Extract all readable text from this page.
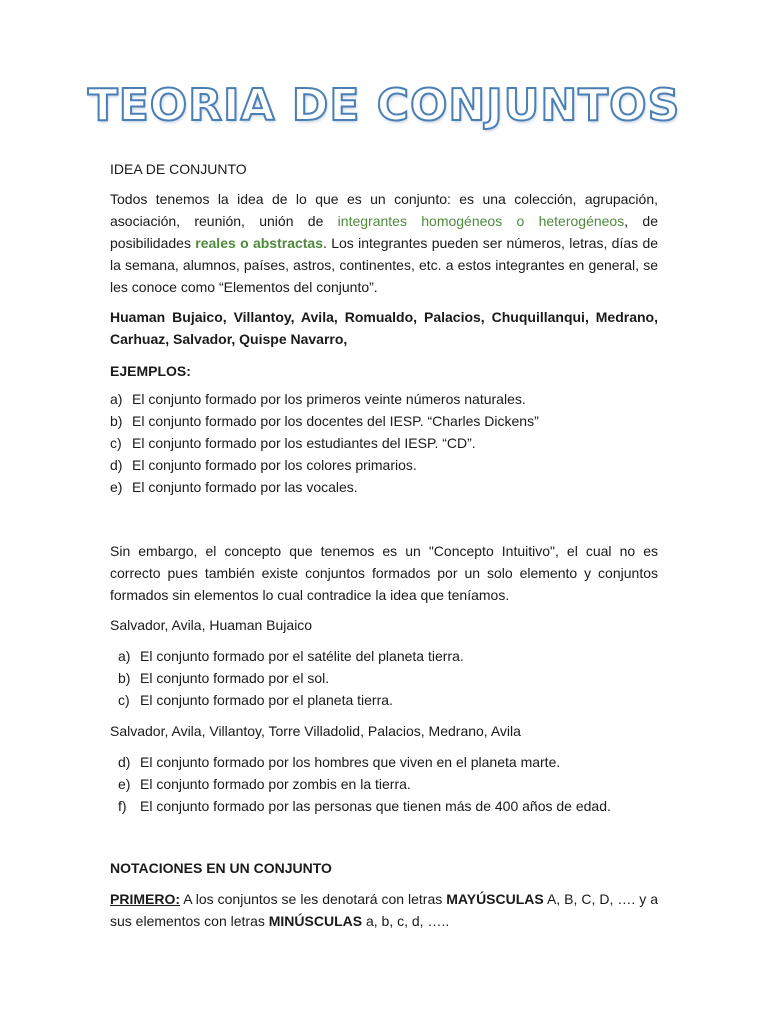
TEORIA DE CONJUNTOS
IDEA DE CONJUNTO
Todos tenemos la idea de lo que es un conjunto: es una colección, agrupación, asociación, reunión, unión de integrantes homogéneos o heterogéneos, de posibilidades reales o abstractas. Los integrantes pueden ser números, letras, días de la semana, alumnos, países, astros, continentes, etc. a estos integrantes en general, se les conoce como “Elementos del conjunto”.
Huaman Bujaico, Villantoy, Avila, Romualdo, Palacios, Chuquillanqui, Medrano, Carhuaz, Salvador, Quispe Navarro,
EJEMPLOS:
a) El conjunto formado por los primeros veinte números naturales.
b) El conjunto formado por los docentes del IESP. “Charles Dickens”
c) El conjunto formado por los estudiantes del IESP. “CD”.
d) El conjunto formado por los colores primarios.
e) El conjunto formado por las vocales.
Sin embargo, el concepto que tenemos es un "Concepto Intuitivo", el cual no es correcto pues también existe conjuntos formados por un solo elemento y conjuntos formados sin elementos lo cual contradice la idea que teníamos.
Salvador, Avila, Huaman Bujaico
a) El conjunto formado por el satélite del planeta tierra.
b) El conjunto formado por el sol.
c) El conjunto formado por el planeta tierra.
Salvador, Avila, Villantoy, Torre Villadolid, Palacios, Medrano, Avila
d) El conjunto formado por los hombres que viven en el planeta marte.
e) El conjunto formado por zombis en la tierra.
f) El conjunto formado por las personas que tienen más de 400 años de edad.
NOTACIONES EN UN CONJUNTO
PRIMERO: A los conjuntos se les denotará con letras MAYÚSCULAS A, B, C, D, …. y a sus elementos con letras MINÚSCULAS a, b, c, d, …..
